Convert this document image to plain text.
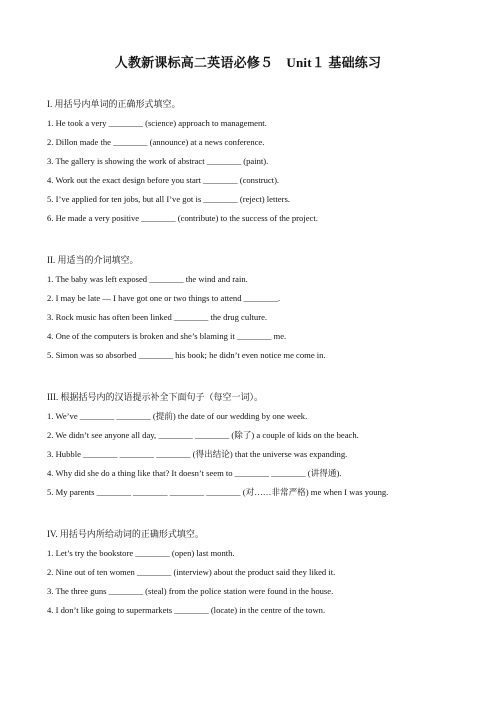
人教新课标高二英语必修５　Unit１ 基础练习
I. 用括号内单词的正确形式填空。
1. He took a very ________ (science) approach to management.
2. Dillon made the ________ (announce) at a news conference.
3. The gallery is showing the work of abstract ________ (paint).
4. Work out the exact design before you start ________ (construct).
5. I’ve applied for ten jobs, but all I’ve got is ________ (reject) letters.
6. He made a very positive ________ (contribute) to the success of the project.
II. 用适当的介词填空。
1. The baby was left exposed ________ the wind and rain.
2. I may be late — I have got one or two things to attend ________.
3. Rock music has often been linked ________ the drug culture.
4. One of the computers is broken and she’s blaming it ________ me.
5. Simon was so absorbed ________ his book; he didn’t even notice me come in.
III. 根据括号内的汉语提示补全下面句子（每空一词）。
1. We’ve ________ ________ (提前) the date of our wedding by one week.
2. We didn’t see anyone all day, ________ ________ (除了) a couple of kids on the beach.
3. Hubble ________ ________ ________ (得出结论) that the universe was expanding.
4. Why did she do a thing like that? It doesn’t seem to ________ ________ (讲得通).
5. My parents ________ ________ ________ ________ (对……非常严格) me when I was young.
IV. 用括号内所给动词的正确形式填空。
1. Let’s try the bookstore ________ (open) last month.
2. Nine out of ten women ________ (interview) about the product said they liked it.
3. The three guns ________ (steal) from the police station were found in the house.
4. I don’t like going to supermarkets ________ (locate) in the centre of the town.
